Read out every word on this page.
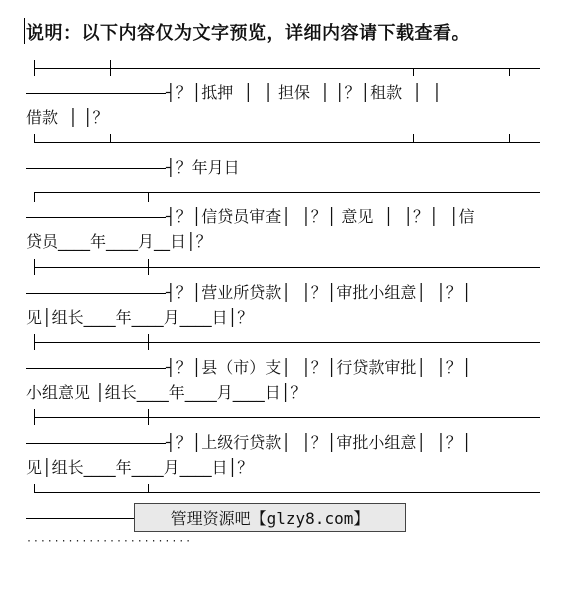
说明：以下内容仅为文字预览，详细内容请下载查看。
┤？│抵押  │  │ 担保  │ │？│租款  │  │
借款  │ │？
┤？年月日
┤？│信贷员审查│  │？│ 意见  │  │？│  │信
贷员____年____月__日│？
┤？│营业所贷款│  │？│审批小组意│  │？│
见│组长____年____月____日│？
┤？│县（市）支│  │？│行贷款审批│  │？│
小组意见 │组长____年____月____日│？
┤？│上级行贷款│  │？│审批小组意│  │？│
见│组长____年____月____日│？
管理资源吧【glzy8.com】
························
